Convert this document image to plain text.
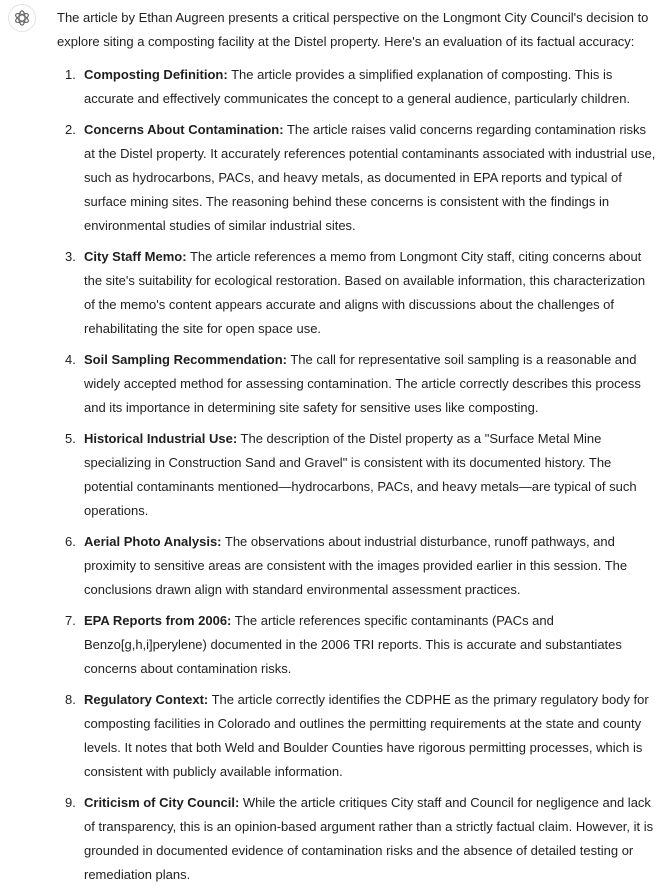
The article by Ethan Augreen presents a critical perspective on the Longmont City Council's decision to explore siting a composting facility at the Distel property. Here's an evaluation of its factual accuracy:

1. Composting Definition: The article provides a simplified explanation of composting. This is accurate and effectively communicates the concept to a general audience, particularly children.
2. Concerns About Contamination: The article raises valid concerns regarding contamination risks at the Distel property. It accurately references potential contaminants associated with industrial use, such as hydrocarbons, PACs, and heavy metals, as documented in EPA reports and typical of surface mining sites. The reasoning behind these concerns is consistent with the findings in environmental studies of similar industrial sites.
3. City Staff Memo: The article references a memo from Longmont City staff, citing concerns about the site's suitability for ecological restoration. Based on available information, this characterization of the memo's content appears accurate and aligns with discussions about the challenges of rehabilitating the site for open space use.
4. Soil Sampling Recommendation: The call for representative soil sampling is a reasonable and widely accepted method for assessing contamination. The article correctly describes this process and its importance in determining site safety for sensitive uses like composting.
5. Historical Industrial Use: The description of the Distel property as a "Surface Metal Mine specializing in Construction Sand and Gravel" is consistent with its documented history. The potential contaminants mentioned—hydrocarbons, PACs, and heavy metals—are typical of such operations.
6. Aerial Photo Analysis: The observations about industrial disturbance, runoff pathways, and proximity to sensitive areas are consistent with the images provided earlier in this session. The conclusions drawn align with standard environmental assessment practices.
7. EPA Reports from 2006: The article references specific contaminants (PACs and Benzo[g,h,i]perylene) documented in the 2006 TRI reports. This is accurate and substantiates concerns about contamination risks.
8. Regulatory Context: The article correctly identifies the CDPHE as the primary regulatory body for composting facilities in Colorado and outlines the permitting requirements at the state and county levels. It notes that both Weld and Boulder Counties have rigorous permitting processes, which is consistent with publicly available information.
9. Criticism of City Council: While the article critiques City staff and Council for negligence and lack of transparency, this is an opinion-based argument rather than a strictly factual claim. However, it is grounded in documented evidence of contamination risks and the absence of detailed testing or remediation plans.
